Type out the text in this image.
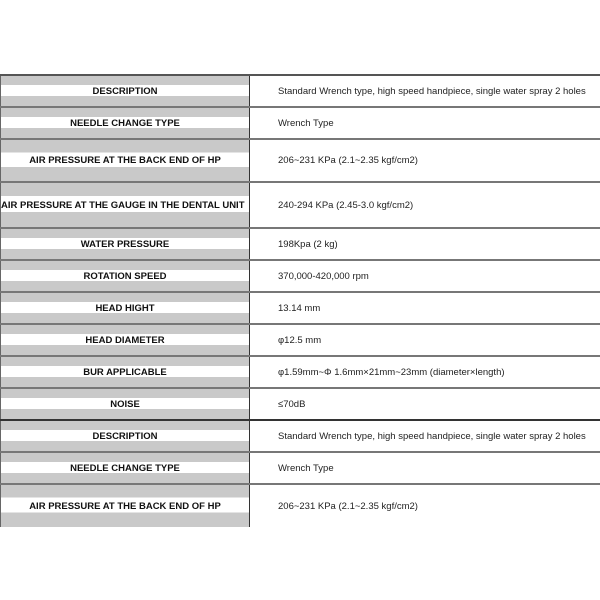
DESCRIPTION	Standard Wrench type, high speed handpiece, single water spray 2 holes
NEEDLE CHANGE TYPE	Wrench Type
AIR PRESSURE AT THE BACK END OF HP	206~231 KPa (2.1~2.35 kgf/cm2)
AIR PRESSURE AT THE GAUGE IN THE DENTAL UNIT	240-294 KPa (2.45-3.0 kgf/cm2)
WATER PRESSURE	198Kpa (2 kg)
ROTATION SPEED	370,000-420,000 rpm
HEAD HIGHT	13.14 mm
HEAD DIAMETER	φ12.5 mm
BUR APPLICABLE	φ1.59mm~Φ 1.6mm×21mm~23mm (diameter×length)
NOISE	≤70dB
DESCRIPTION	Standard Wrench type, high speed handpiece, single water spray 2 holes
NEEDLE CHANGE TYPE	Wrench Type
AIR PRESSURE AT THE BACK END OF HP	206~231 KPa (2.1~2.35 kgf/cm2)
